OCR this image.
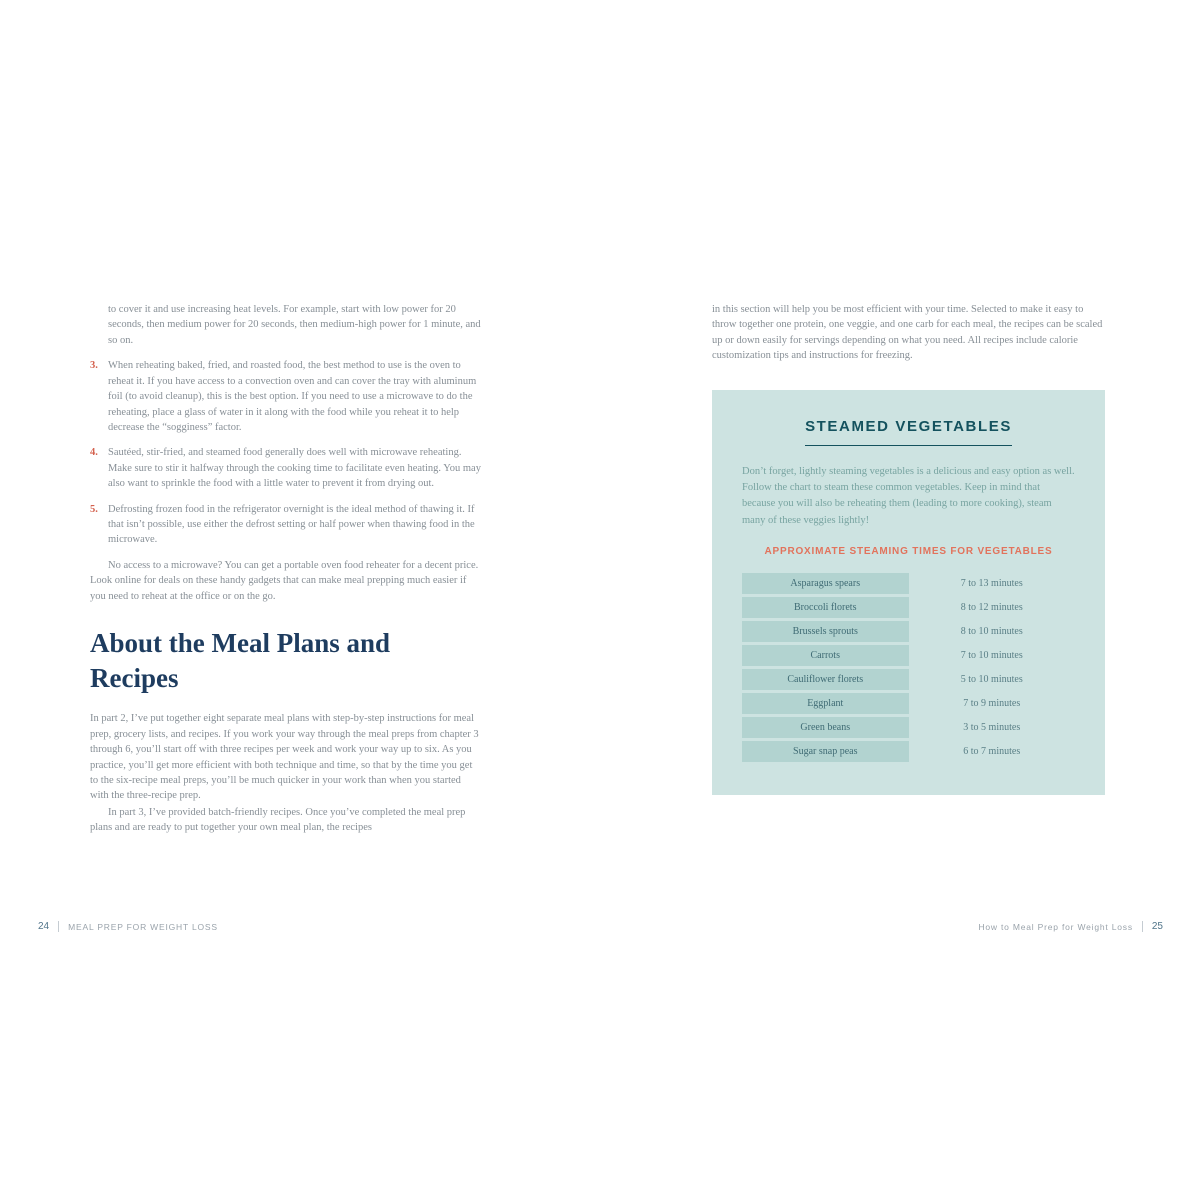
to cover it and use increasing heat levels. For example, start with low power for 20 seconds, then medium power for 20 seconds, then medium-high power for 1 minute, and so on.

3. When reheating baked, fried, and roasted food, the best method to use is the oven to reheat it. If you have access to a convection oven and can cover the tray with aluminum foil (to avoid cleanup), this is the best option. If you need to use a microwave to do the reheating, place a glass of water in it along with the food while you reheat it to help decrease the “sogginess” factor.
4. Sautéed, stir-fried, and steamed food generally does well with microwave reheating. Make sure to stir it halfway through the cooking time to facilitate even heating. You may also want to sprinkle the food with a little water to prevent it from drying out.
5. Defrosting frozen food in the refrigerator overnight is the ideal method of thawing it. If that isn’t possible, use either the defrost setting or half power when thawing food in the microwave.

No access to a microwave? You can get a portable oven food reheater for a decent price. Look online for deals on these handy gadgets that can make meal prepping much easier if you need to reheat at the office or on the go.

About the Meal Plans and Recipes

In part 2, I’ve put together eight separate meal plans with step-by-step instructions for meal prep, grocery lists, and recipes. If you work your way through the meal preps from chapter 3 through 6, you’ll start off with three recipes per week and work your way up to six. As you practice, you’ll get more efficient with both technique and time, so that by the time you get to the six-recipe meal preps, you’ll be much quicker in your work than when you started with the three-recipe prep.

In part 3, I’ve provided batch-friendly recipes. Once you’ve completed the meal prep plans and are ready to put together your own meal plan, the recipes

in this section will help you be most efficient with your time. Selected to make it easy to throw together one protein, one veggie, and one carb for each meal, the recipes can be scaled up or down easily for servings depending on what you need. All recipes include calorie customization tips and instructions for freezing.

STEAMED VEGETABLES

Don’t forget, lightly steaming vegetables is a delicious and easy option as well. Follow the chart to steam these common vegetables. Keep in mind that because you will also be reheating them (leading to more cooking), steam many of these veggies lightly!

APPROXIMATE STEAMING TIMES FOR VEGETABLES
Asparagus spears	7 to 13 minutes
Broccoli florets	8 to 12 minutes
Brussels sprouts	8 to 10 minutes
Carrots	7 to 10 minutes
Cauliflower florets	5 to 10 minutes
Eggplant	7 to 9 minutes
Green beans	3 to 5 minutes
Sugar snap peas	6 to 7 minutes
24 MEAL PREP FOR WEIGHT LOSS	How to Meal Prep for Weight Loss 25
